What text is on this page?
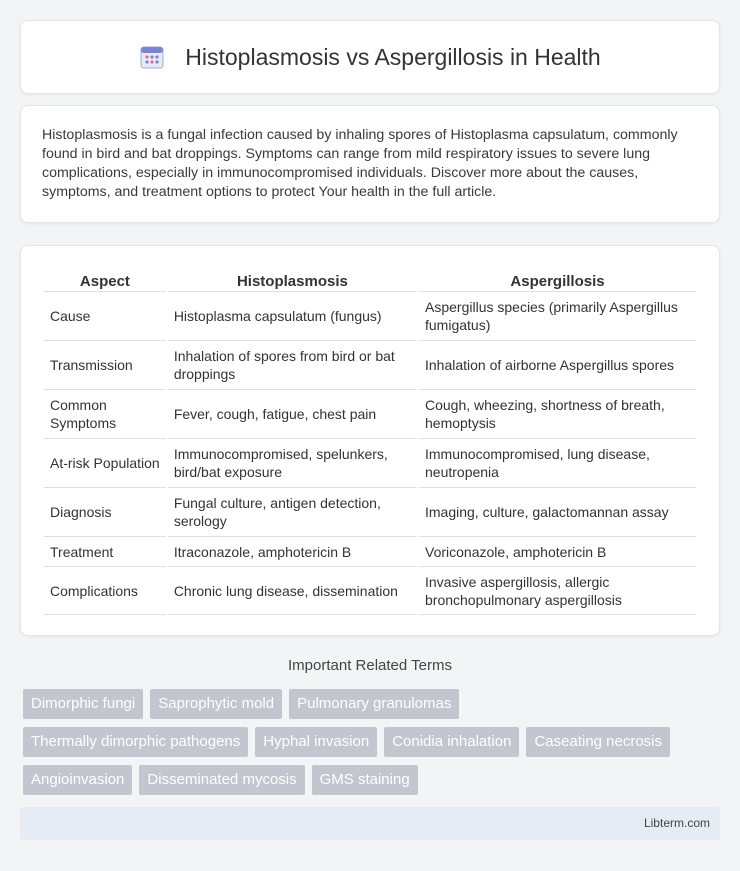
Histoplasmosis vs Aspergillosis in Health

Histoplasmosis is a fungal infection caused by inhaling spores of Histoplasma capsulatum, commonly found in bird and bat droppings. Symptoms can range from mild respiratory issues to severe lung complications, especially in immunocompromised individuals. Discover more about the causes, symptoms, and treatment options to protect Your health in the full article.

Aspect	Histoplasmosis	Aspergillosis
Cause	Histoplasma capsulatum (fungus)	Aspergillus species (primarily Aspergillus fumigatus)
Transmission	Inhalation of spores from bird or bat droppings	Inhalation of airborne Aspergillus spores
Common Symptoms	Fever, cough, fatigue, chest pain	Cough, wheezing, shortness of breath, hemoptysis
At-risk Population	Immunocompromised, spelunkers, bird/bat exposure	Immunocompromised, lung disease, neutropenia
Diagnosis	Fungal culture, antigen detection, serology	Imaging, culture, galactomannan assay
Treatment	Itraconazole, amphotericin B	Voriconazole, amphotericin B
Complications	Chronic lung disease, dissemination	Invasive aspergillosis, allergic bronchopulmonary aspergillosis
Important Related Terms
Dimorphic fungi	Saprophytic mold	Pulmonary granulomas
Thermally dimorphic pathogens	Hyphal invasion	Conidia inhalation	Caseating necrosis
Angioinvasion	Disseminated mycosis	GMS staining
Libterm.com
